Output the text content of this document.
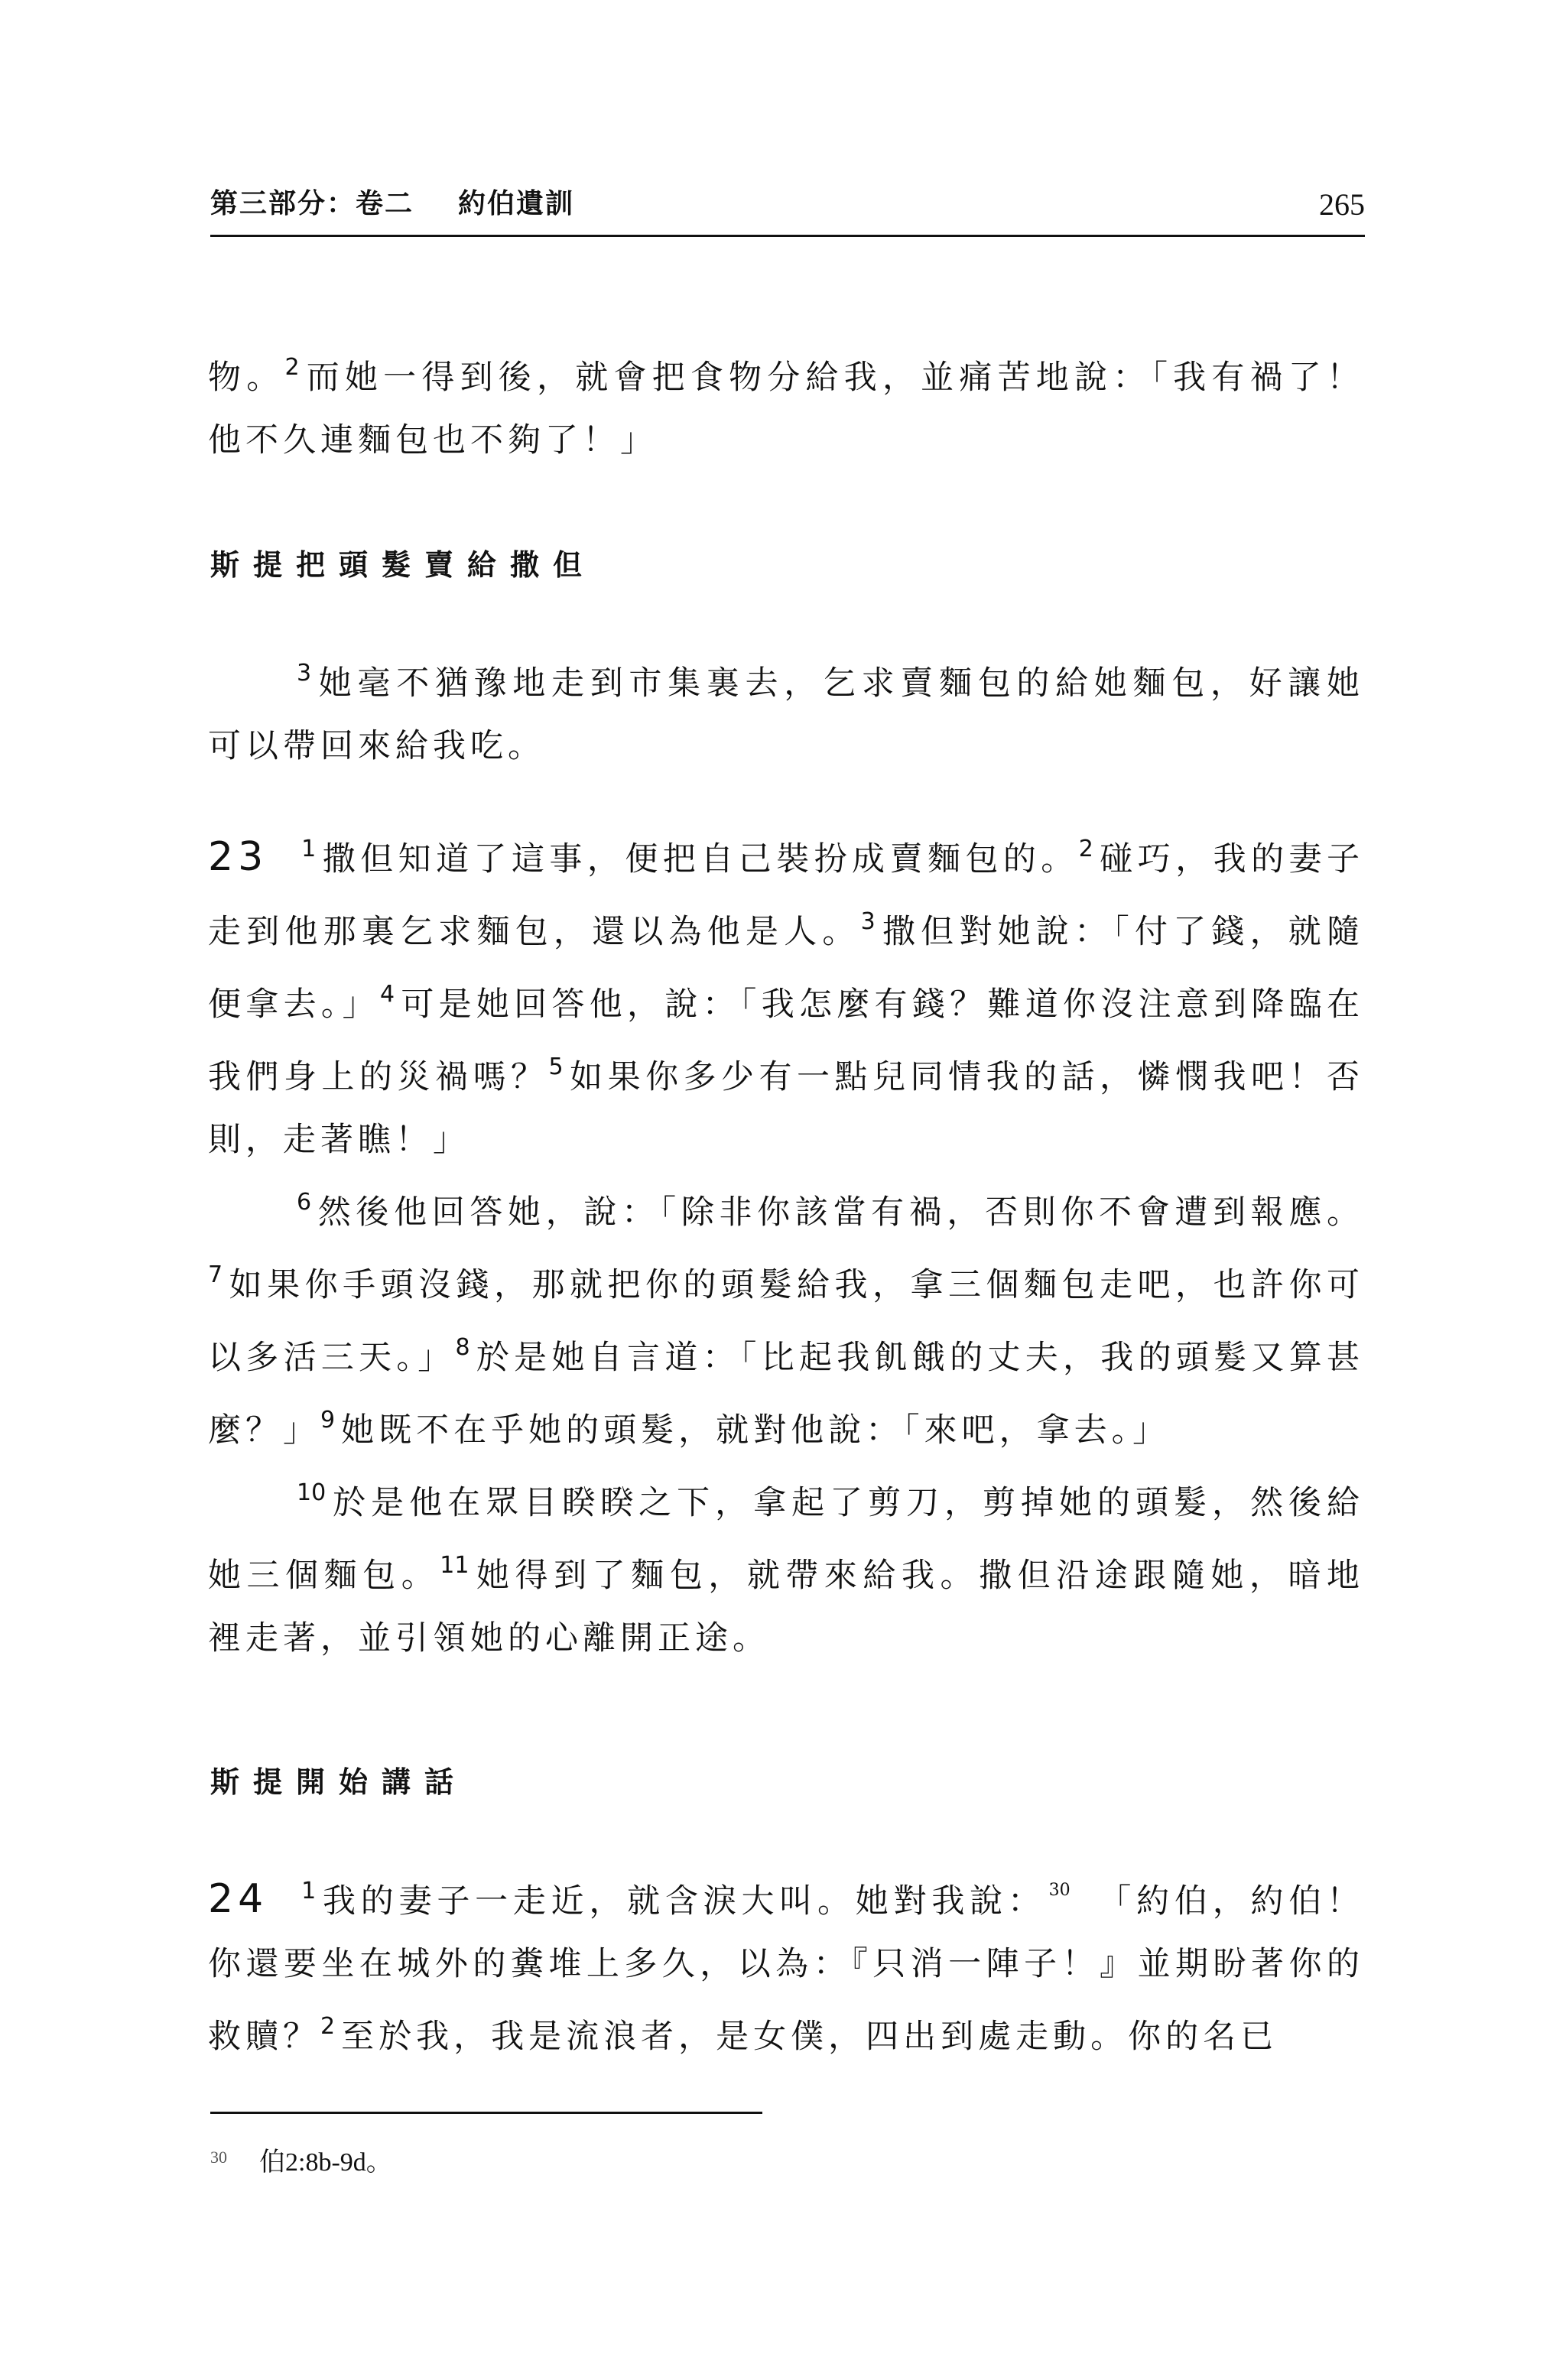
第三部分：卷二 約伯遺訓	265

物。$^2$ 而她一得到後，就會把食物分給我，並痛苦地說：「我有禍了！他不久連麵包也不夠了！」

斯提把頭髮賣給撒但

$^3$ 她毫不猶豫地走到市集裏去，乞求賣麵包的給她麵包，好讓她可以帶回來給我吃。

23 $^1$ 撒但知道了這事，便把自己裝扮成賣麵包的。$^2$ 碰巧，我的妻子走到他那裏乞求麵包，還以為他是人。$^3$ 撒但對她說：「付了錢，就隨便拿去。」$^4$ 可是她回答他，說：「我怎麼有錢？難道你沒注意到降臨在我們身上的災禍嗎？$^5$ 如果你多少有一點兒同情我的話，憐憫我吧！否則，走著瞧！」

$^6$ 然後他回答她，說：「除非你該當有禍，否則你不會遭到報應。$^7$ 如果你手頭沒錢，那就把你的頭髮給我，拿三個麵包走吧，也許你可以多活三天。」$^8$ 於是她自言道：「比起我飢餓的丈夫，我的頭髮又算甚麼？」$^9$ 她既不在乎她的頭髮，就對他說：「來吧，拿去。」

$^{10}$ 於是他在眾目睽睽之下，拿起了剪刀，剪掉她的頭髮，然後給她三個麵包。$^{11}$ 她得到了麵包，就帶來給我。撒但沿途跟隨她，暗地裡走著，並引領她的心離開正途。

斯提開始講話

24 $^1$ 我的妻子一走近，就含淚大叫。她對我說： $^{30}$ 「約伯，約伯！你還要坐在城外的糞堆上多久，以為：『只消一陣子！』並期盼著你的救贖？$^2$ 至於我，我是流浪者，是女僕，四出到處走動。你的名已

$^{30}$ 伯2:8b-9d。
